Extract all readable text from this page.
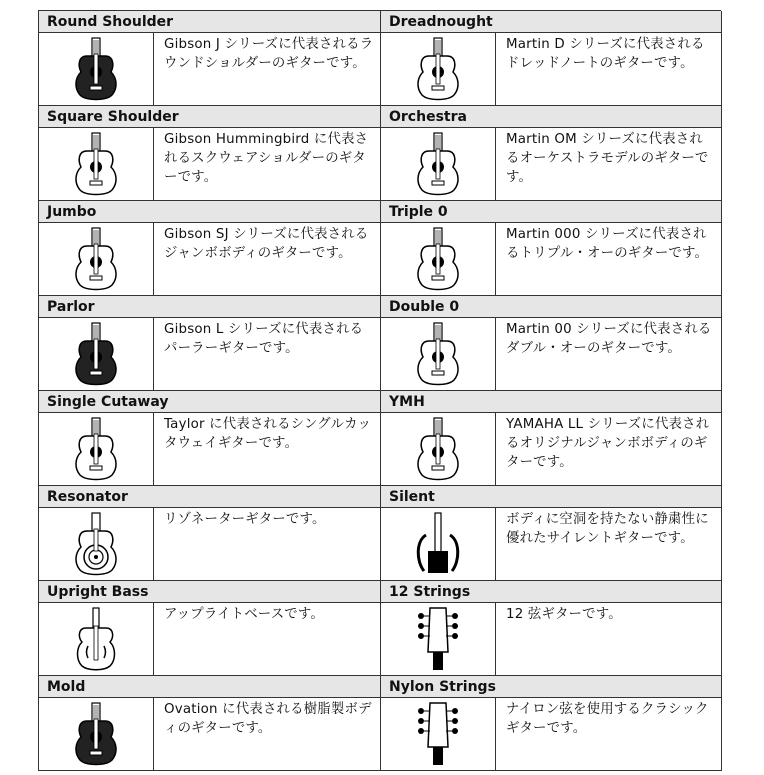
Round Shoulder
Gibson J シリーズに代表されるラウンドショルダーのギターです。
Dreadnought
Martin D シリーズに代表されるドレッドノートのギターです。
Square Shoulder
Gibson Hummingbird に代表されるスクウェアショルダーのギターです。
Orchestra
Martin OM シリーズに代表されるオーケストラモデルのギターです。
Jumbo
Gibson SJ シリーズに代表されるジャンボボディのギターです。
Triple 0
Martin 000 シリーズに代表されるトリプル・オーのギターです。
Parlor
Gibson L シリーズに代表されるパーラーギターです。
Double 0
Martin 00 シリーズに代表されるダブル・オーのギターです。
Single Cutaway
Taylor に代表されるシングルカッタウェイギターです。
YMH
YAMAHA LL シリーズに代表されるオリジナルジャンボボディのギターです。
Resonator
リゾネーターギターです。
Silent
ボディに空洞を持たない静粛性に優れたサイレントギターです。
Upright Bass
アップライトベースです。
12 Strings
12 弦ギターです。
Mold
Ovation に代表される樹脂製ボディのギターです。
Nylon Strings
ナイロン弦を使用するクラシックギターです。
